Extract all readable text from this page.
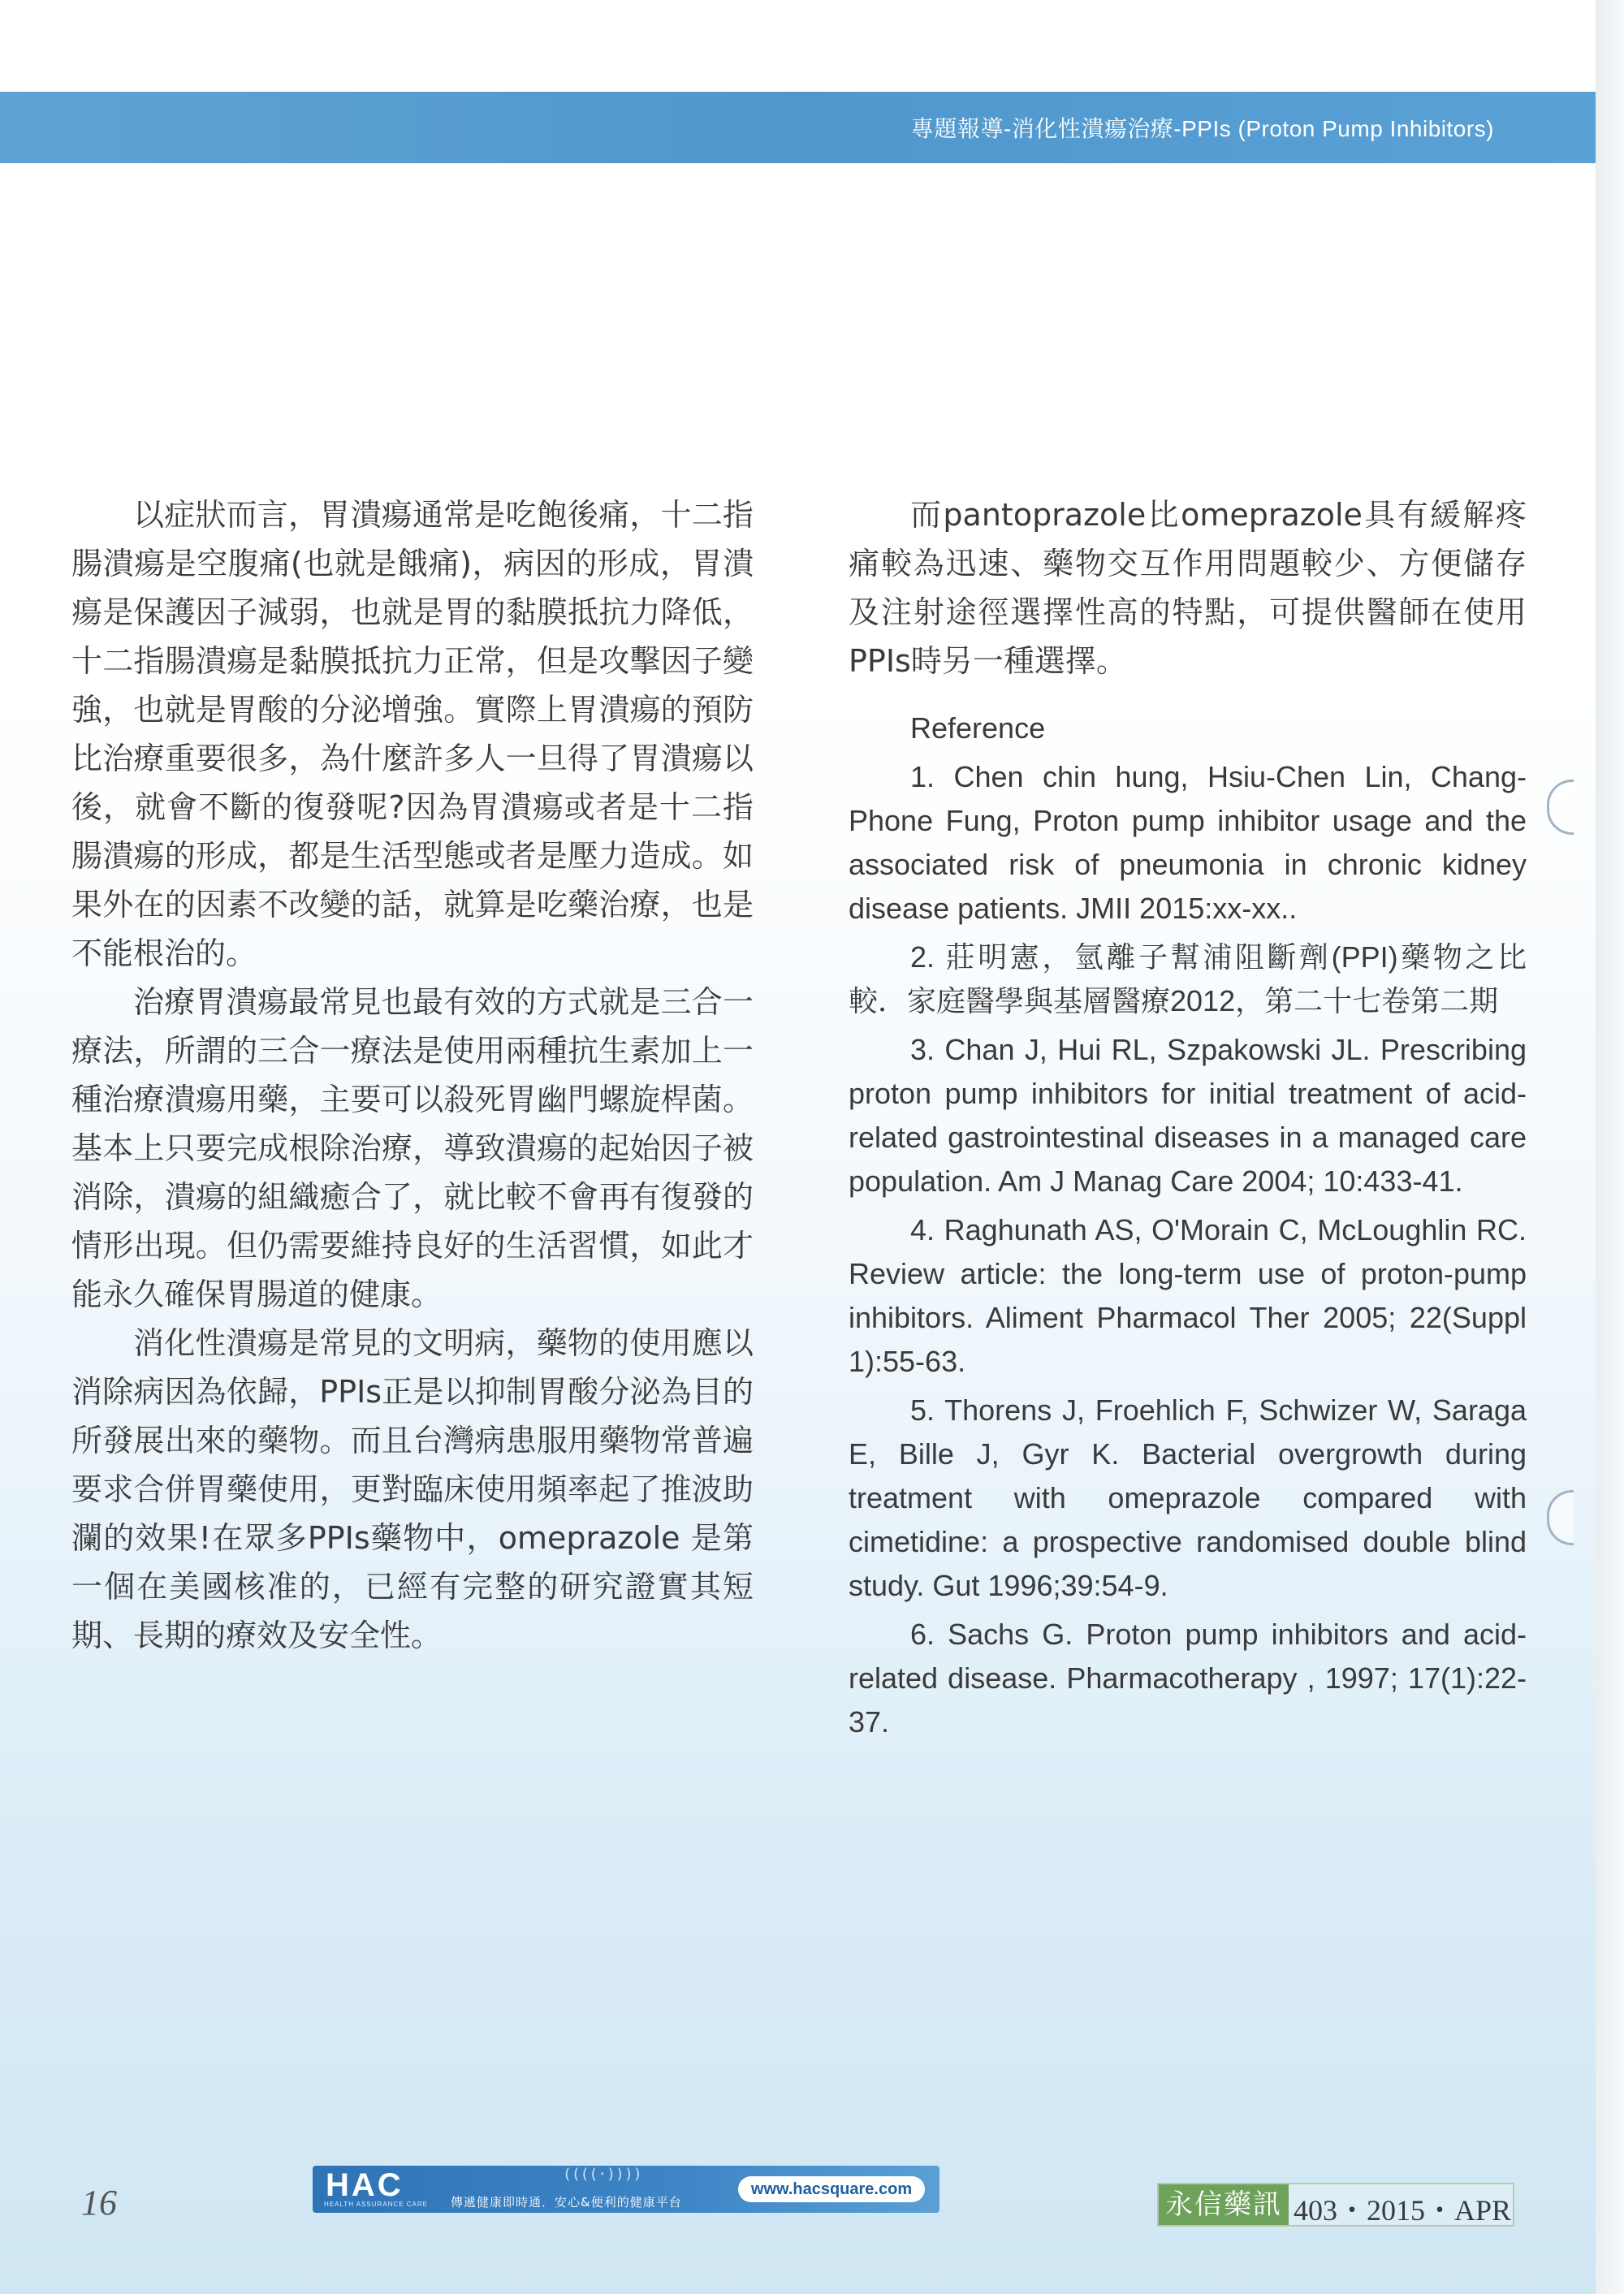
專題報導-消化性潰瘍治療-PPIs (Proton Pump Inhibitors)

以症狀而言，胃潰瘍通常是吃飽後痛，十二指腸潰瘍是空腹痛(也就是餓痛)，病因的形成，胃潰瘍是保護因子減弱，也就是胃的黏膜抵抗力降低，十二指腸潰瘍是黏膜抵抗力正常，但是攻擊因子變強，也就是胃酸的分泌增強。實際上胃潰瘍的預防比治療重要很多，為什麼許多人一旦得了胃潰瘍以後，就會不斷的復發呢?因為胃潰瘍或者是十二指腸潰瘍的形成，都是生活型態或者是壓力造成。如果外在的因素不改變的話，就算是吃藥治療，也是不能根治的。

治療胃潰瘍最常見也最有效的方式就是三合一療法，所謂的三合一療法是使用兩種抗生素加上一種治療潰瘍用藥，主要可以殺死胃幽門螺旋桿菌。基本上只要完成根除治療，導致潰瘍的起始因子被消除，潰瘍的組織癒合了，就比較不會再有復發的情形出現。但仍需要維持良好的生活習慣，如此才能永久確保胃腸道的健康。

消化性潰瘍是常見的文明病，藥物的使用應以消除病因為依歸，PPIs正是以抑制胃酸分泌為目的所發展出來的藥物。而且台灣病患服用藥物常普遍要求合併胃藥使用，更對臨床使用頻率起了推波助瀾的效果!在眾多PPIs藥物中，omeprazole 是第一個在美國核准的，已經有完整的研究證實其短期、長期的療效及安全性。

而pantoprazole比omeprazole具有緩解疼痛較為迅速、藥物交互作用問題較少、方便儲存及注射途徑選擇性高的特點，可提供醫師在使用PPIs時另一種選擇。

Reference

1. Chen chin hung, Hsiu-Chen Lin, Chang-Phone Fung, Proton pump inhibitor usage and the associated risk of pneumonia in chronic kidney disease patients. JMII 2015:xx-xx..

2. 莊明憲，氫離子幫浦阻斷劑(PPI)藥物之比較．家庭醫學與基層醫療2012，第二十七卷第二期

3. Chan J, Hui RL, Szpakowski JL. Prescribing proton pump inhibitors for initial treatment of acid-related gastrointestinal diseases in a managed care population. Am J Manag Care 2004; 10:433-41.

4. Raghunath AS, O'Morain C, McLoughlin RC. Review article: the long-term use of proton-pump inhibitors. Aliment Pharmacol Ther 2005; 22(Suppl 1):55-63.

5. Thorens J, Froehlich F, Schwizer W, Saraga E, Bille J, Gyr K. Bacterial overgrowth during treatment with omeprazole compared with cimetidine: a prospective randomised double blind study. Gut 1996;39:54-9.

6. Sachs G. Proton pump inhibitors and acid-related disease. Pharmacotherapy , 1997; 17(1):22-37.

16	HAC
HEALTH ASSURANCE CARE
((((·))))
傳遞健康即時通．安心&便利的健康平台
www.hacsquare.com	永信藥訊 403・2015・APR
